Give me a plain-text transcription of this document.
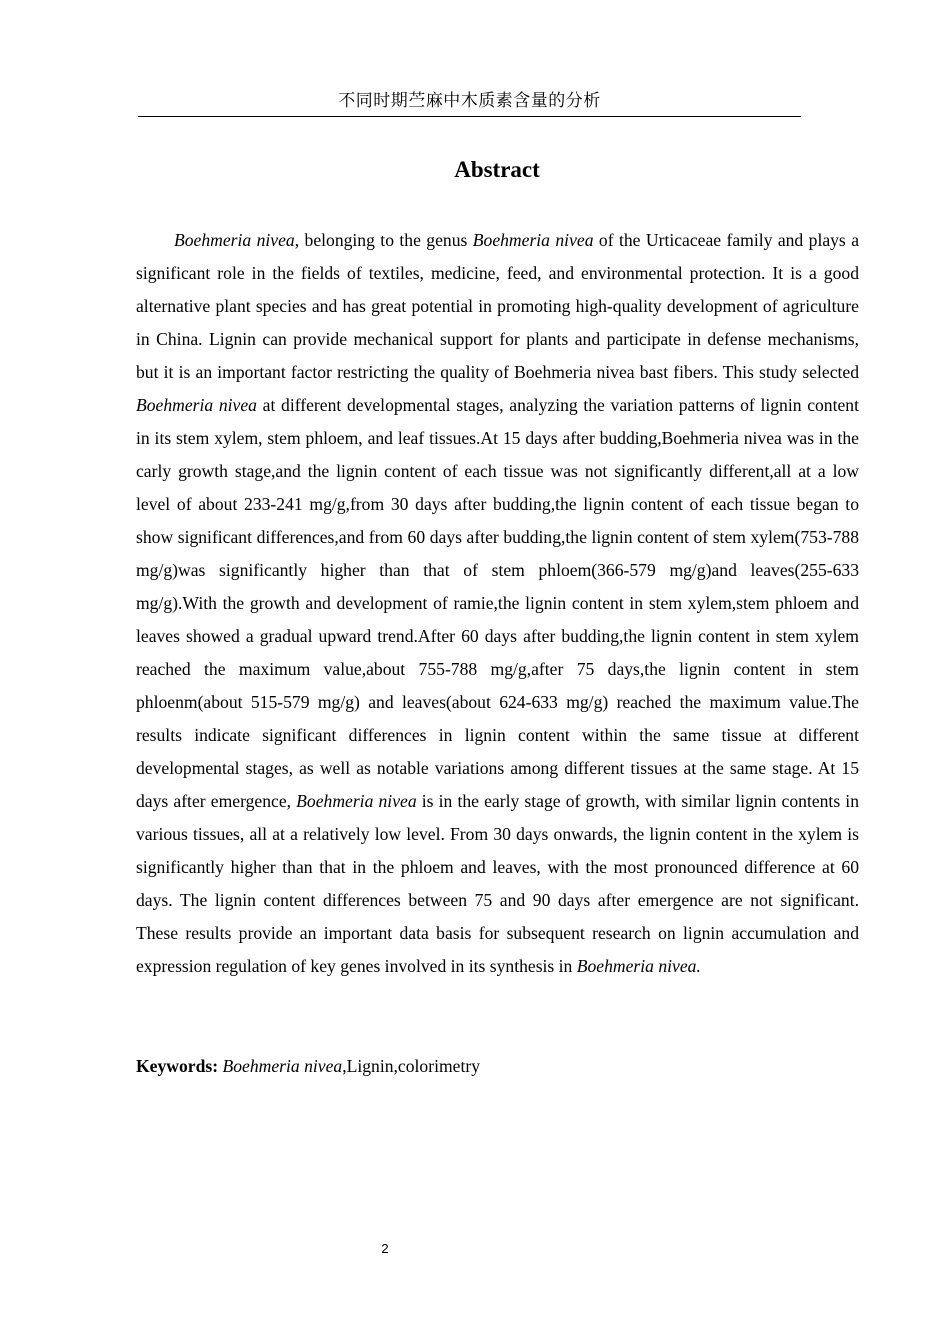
不同时期苎麻中木质素含量的分析
Abstract

Boehmeria nivea, belonging to the genus Boehmeria nivea of the Urticaceae family and plays a significant role in the fields of textiles, medicine, feed, and environmental protection. It is a good alternative plant species and has great potential in promoting high-quality development of agriculture in China. Lignin can provide mechanical support for plants and participate in defense mechanisms, but it is an important factor restricting the quality of Boehmeria nivea bast fibers. This study selected Boehmeria nivea at different developmental stages, analyzing the variation patterns of lignin content in its stem xylem, stem phloem, and leaf tissues.At 15 days after budding,Boehmeria nivea was in the carly growth stage,and the lignin content of each tissue was not significantly different,all at a low level of about 233-241 mg/g,from 30 days after budding,the lignin content of each tissue began to show significant differences,and from 60 days after budding,the lignin content of stem xylem(753-788 mg/g)was significantly higher than that of stem phloem(366-579 mg/g)and leaves(255-633 mg/g).With the growth and development of ramie,the lignin content in stem xylem,stem phloem and leaves showed a gradual upward trend.After 60 days after budding,the lignin content in stem xylem reached the maximum value,about 755-788 mg/g,after 75 days,the lignin content in stem phloenm(about 515-579 mg/g) and leaves(about 624-633 mg/g) reached the maximum value.The results indicate significant differences in lignin content within the same tissue at different developmental stages, as well as notable variations among different tissues at the same stage. At 15 days after emergence, Boehmeria nivea is in the early stage of growth, with similar lignin contents in various tissues, all at a relatively low level. From 30 days onwards, the lignin content in the xylem is significantly higher than that in the phloem and leaves, with the most pronounced difference at 60 days. The lignin content differences between 75 and 90 days after emergence are not significant. These results provide an important data basis for subsequent research on lignin accumulation and expression regulation of key genes involved in its synthesis in Boehmeria nivea.

Keywords: Boehmeria nivea,Lignin,colorimetry

2
